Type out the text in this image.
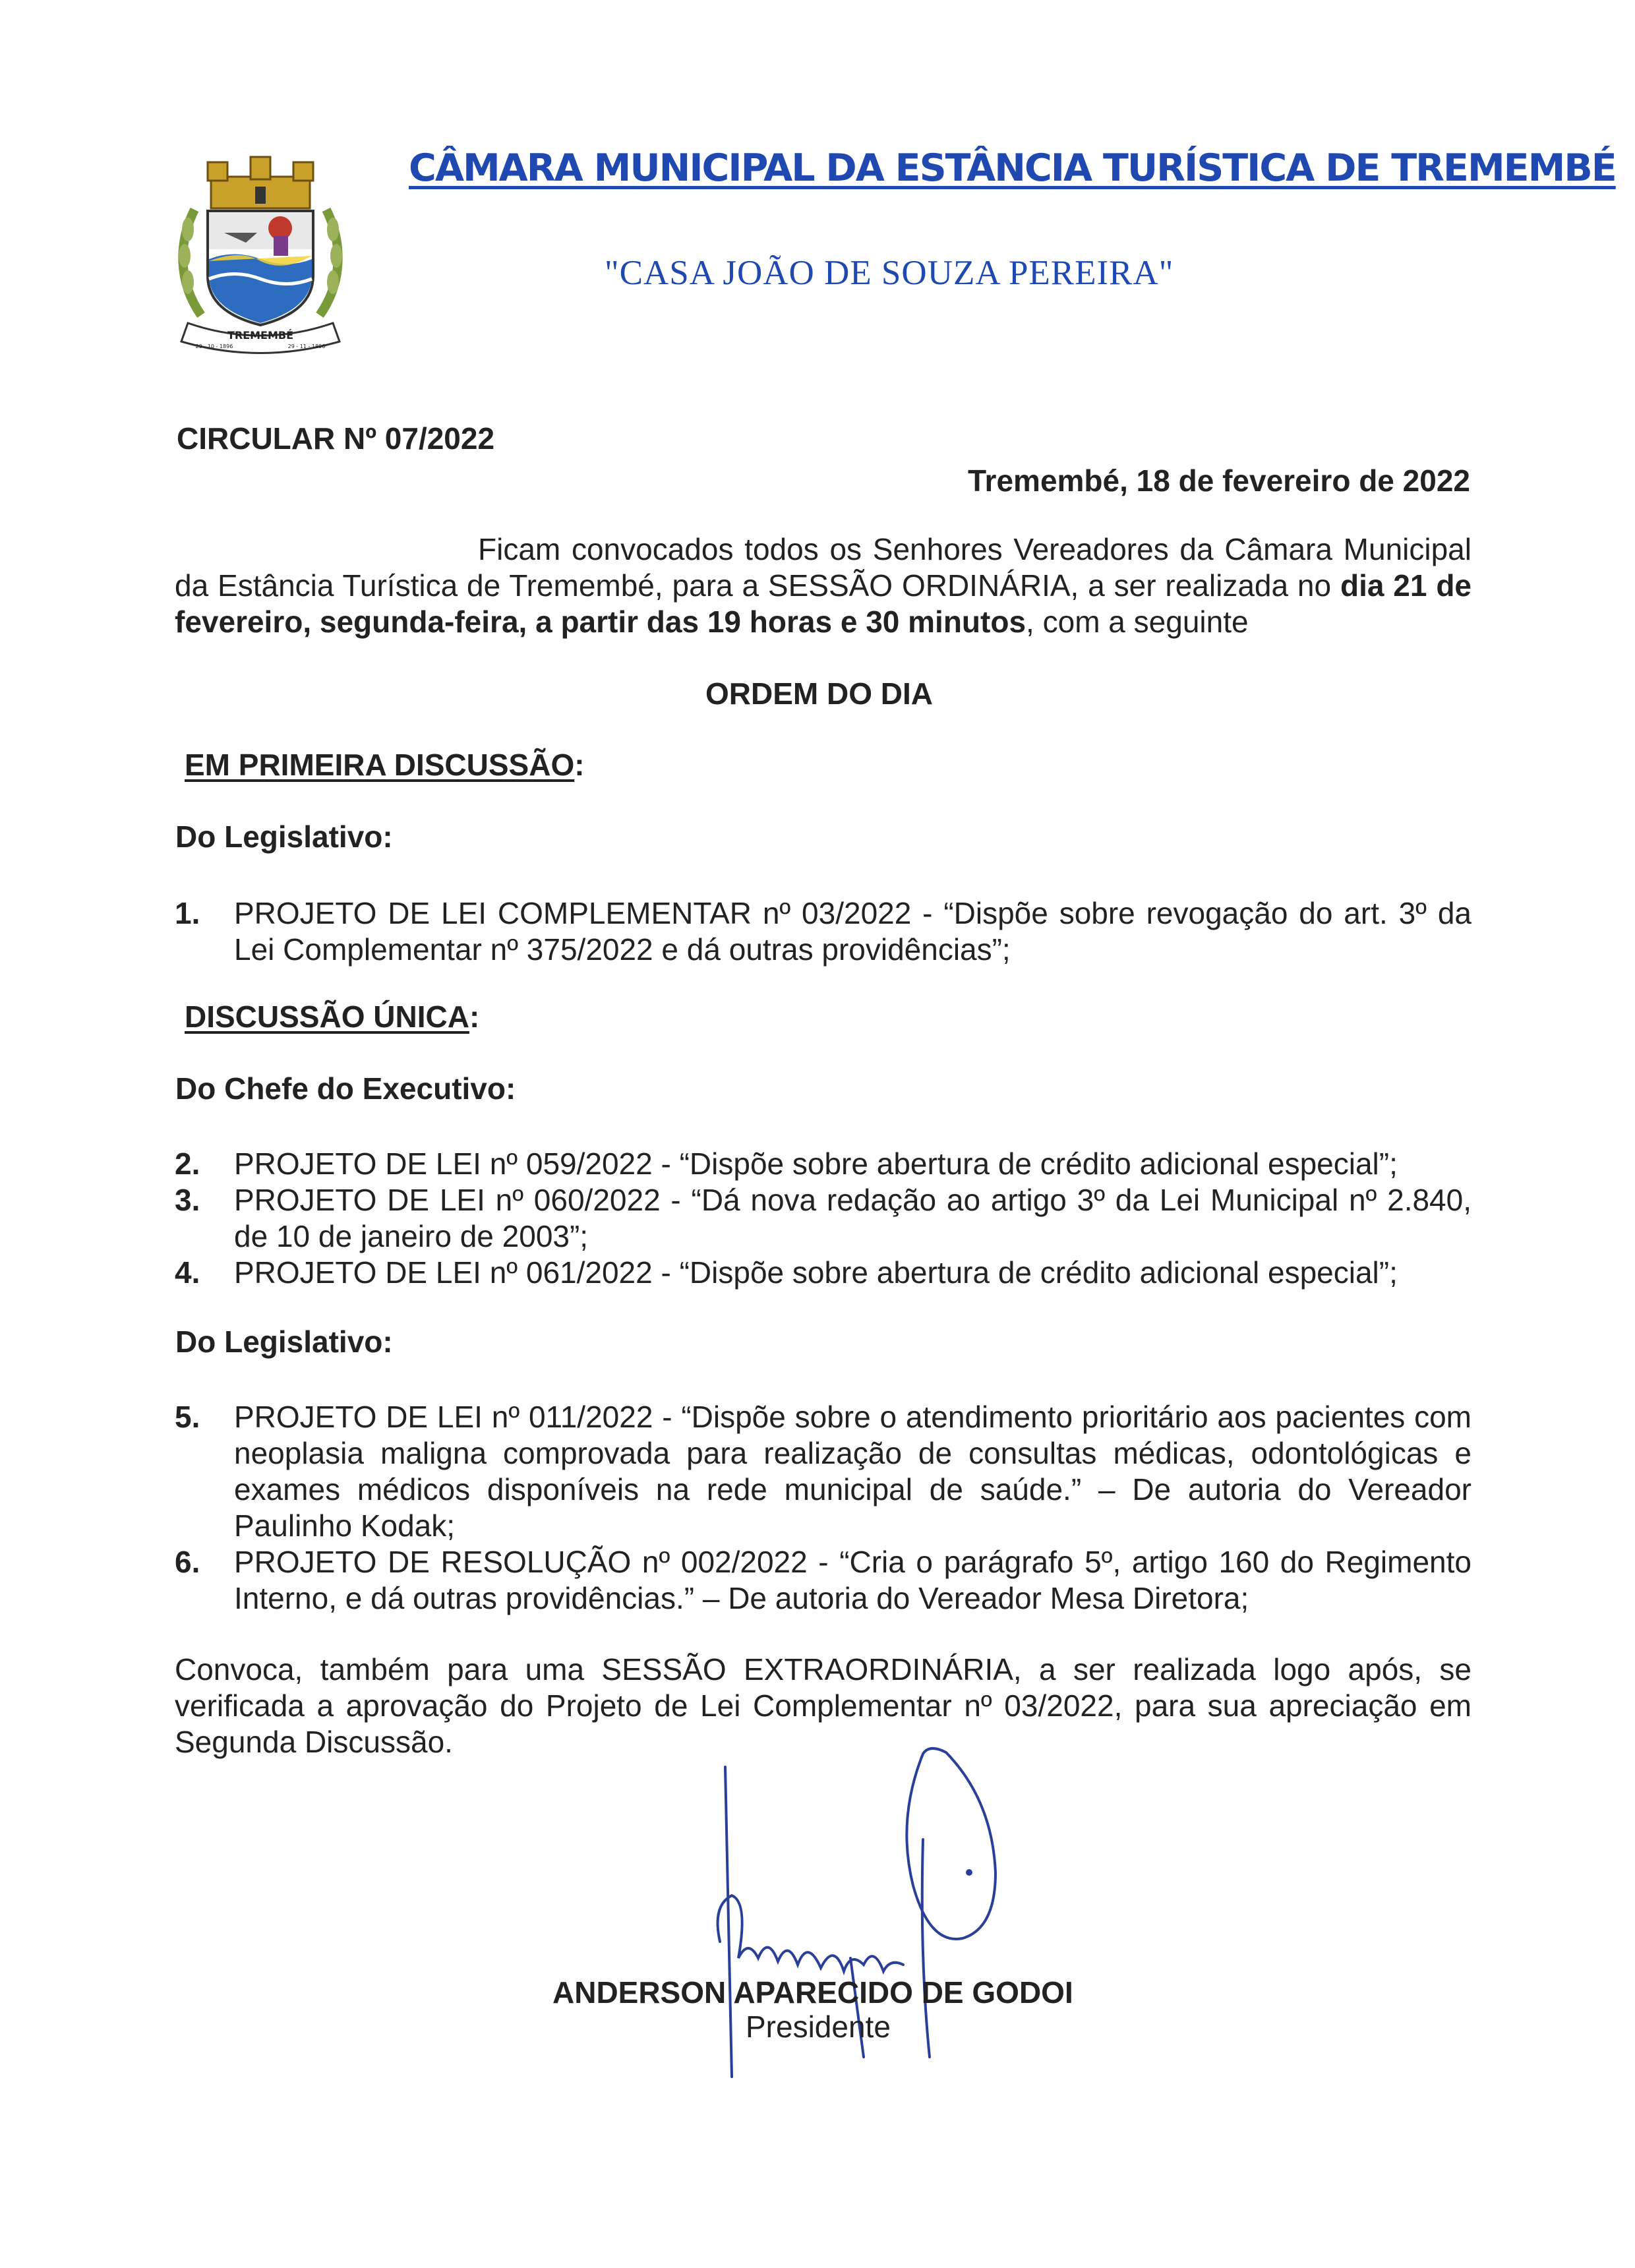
TREMEMBÉ
29 - 10 - 1896	29 - 11 - 1896
CÂMARA MUNICIPAL DA ESTÂNCIA TURÍSTICA DE TREMEMBÉ
"CASA JOÃO DE SOUZA PEREIRA"
CIRCULAR Nº 07/2022
Tremembé, 18 de fevereiro de 2022
Ficam convocados todos os Senhores Vereadores da Câmara Municipal da Estância Turística de Tremembé, para a SESSÃO ORDINÁRIA, a ser realizada no dia 21 de fevereiro, segunda-feira, a partir das 19 horas e 30 minutos, com a seguinte
ORDEM DO DIA
EM PRIMEIRA DISCUSSÃO:
Do Legislativo:
1. PROJETO DE LEI COMPLEMENTAR nº 03/2022 - “Dispõe sobre revogação do art. 3º da Lei Complementar nº 375/2022 e dá outras providências”;
DISCUSSÃO ÚNICA:
Do Chefe do Executivo:
2. PROJETO DE LEI nº 059/2022 - “Dispõe sobre abertura de crédito adicional especial”;
3. PROJETO DE LEI nº 060/2022 - “Dá nova redação ao artigo 3º da Lei Municipal nº 2.840, de 10 de janeiro de 2003”;
4. PROJETO DE LEI nº 061/2022 - “Dispõe sobre abertura de crédito adicional especial”;
Do Legislativo:
5. PROJETO DE LEI nº 011/2022 - “Dispõe sobre o atendimento prioritário aos pacientes com neoplasia maligna comprovada para realização de consultas médicas, odontológicas e exames médicos disponíveis na rede municipal de saúde.” – De autoria do Vereador Paulinho Kodak;
6. PROJETO DE RESOLUÇÃO nº 002/2022 - “Cria o parágrafo 5º, artigo 160 do Regimento Interno, e dá outras providências.” – De autoria do Vereador Mesa Diretora;
Convoca, também para uma SESSÃO EXTRAORDINÁRIA, a ser realizada logo após, se verificada a aprovação do Projeto de Lei Complementar nº 03/2022, para sua apreciação em Segunda Discussão.
ANDERSON APARECIDO DE GODOI
Presidente
